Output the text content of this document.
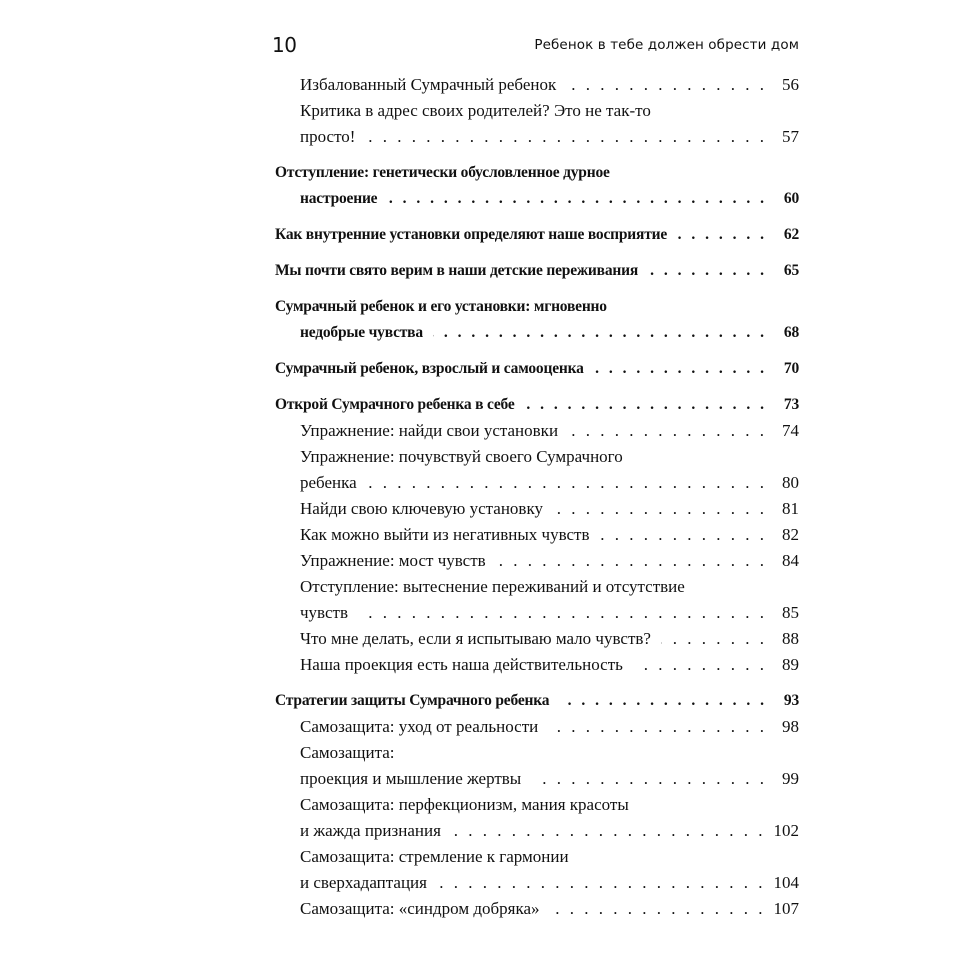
10	Ребенок в тебе должен обрести дом
Избалованный Сумрачный ребенок . . .	56
Критика в адрес своих родителей? Это не так-то
просто! . . .	57
Отступление: генетически обусловленное дурное
настроение . . .	60
Как внутренние установки определяют наше восприятие . . .	62
Мы почти свято верим в наши детские переживания . . .	65
Сумрачный ребенок и его установки: мгновенно
недобрые чувства . . .	68
Сумрачный ребенок, взрослый и самооценка . . .	70
Открой Сумрачного ребенка в себе . . .	73
Упражнение: найди свои установки . . .	74
Упражнение: почувствуй своего Сумрачного
ребенка . . .	80
Найди свою ключевую установку . . .	81
Как можно выйти из негативных чувств . . .	82
Упражнение: мост чувств . . .	84
Отступление: вытеснение переживаний и отсутствие
чувств . . .	85
Что мне делать, если я испытываю мало чувств? . . .	88
Наша проекция есть наша действительность . . .	89
Стратегии защиты Сумрачного ребенка . . .	93
Самозащита: уход от реальности . . .	98
Самозащита:
проекция и мышление жертвы . . .	99
Самозащита: перфекционизм, мания красоты
и жажда признания . . .	102
Самозащита: стремление к гармонии
и сверхадаптация . . .	104
Самозащита: «синдром добряка» . . .	107
